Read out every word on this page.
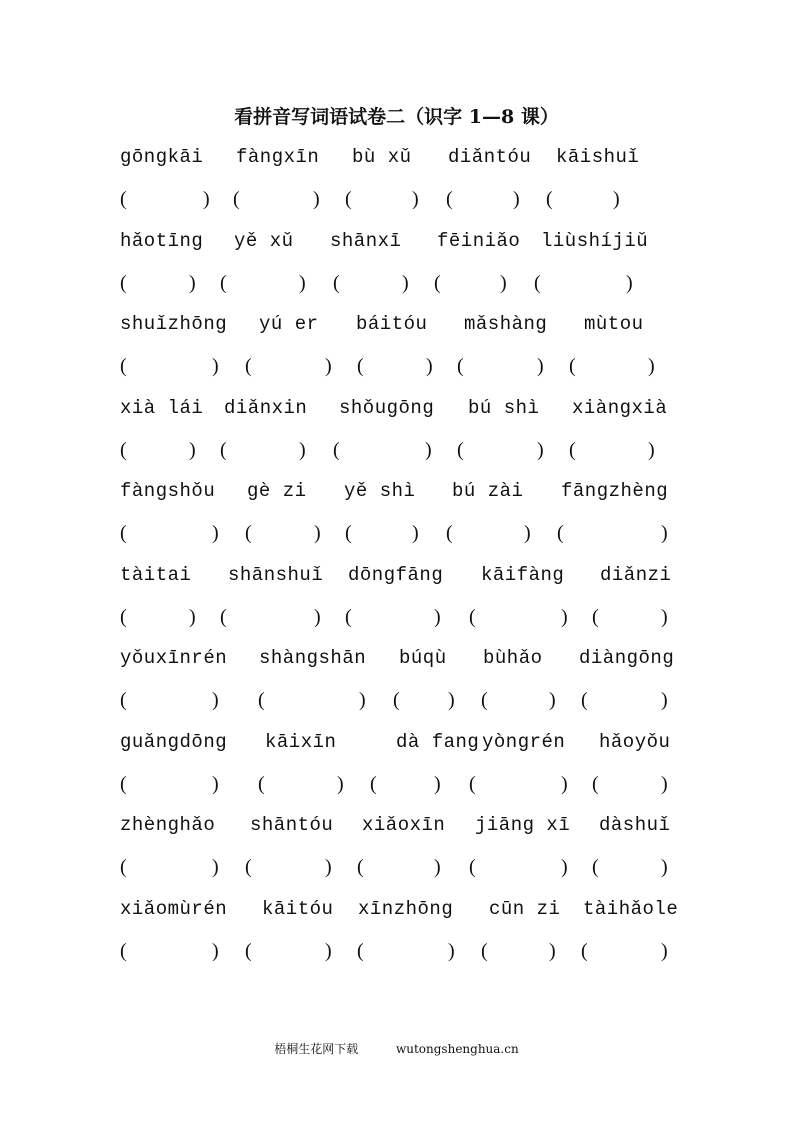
看拼音写词语试卷二（识字 1—8 课）
gōngkāi fàngxīn bù xǔ diǎntóu kāishuǐ
(	) (	) (	) (	) (	)
hǎotīng yě xǔ shānxī fēiniǎo liùshíjiǔ
(	) (	) (	) (	) (	)
shuǐzhōng yú er báitóu mǎshàng mùtou
(	) (	) (	) (	) (	)
xià lái diǎnxin shǒugōng bú shì xiàngxià
(	) (	) (	) (	) (	)
fàngshǒu gè zi yě shì bú zài fāngzhèng
(	) (	) (	) (	) (	)
tàitai shānshuǐ dōngfāng kāifàng diǎnzi
(	) (	) (	) (	) (	)
yǒuxīnrén shàngshān búqù bùhǎo diàngōng
(	) (	) ( ) (	) (	)
guǎngdōng kāixīn	dà fang yòngrén hǎoyǒu
(	) (	) (	) (	) (	)
zhènghǎo shāntóu xiǎoxīn jiāng xī dàshuǐ
(	) (	) (	) (	) (	)
xiǎomùrén kāitóu xīnzhōng cūn zi tàihǎole
(	) (	) (	) (	) (	)
梧桐生花网下载	wutongshenghua.cn
